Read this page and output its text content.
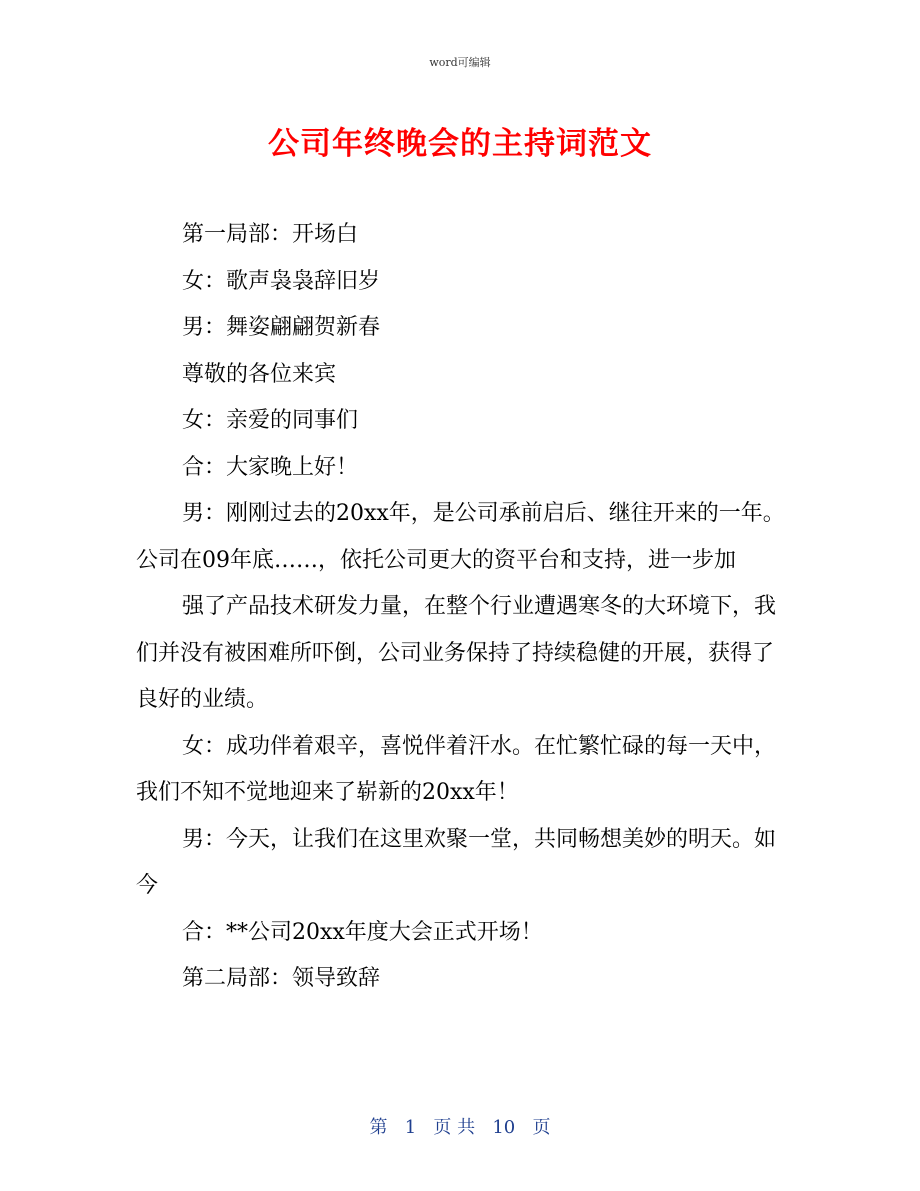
word可编辑
公司年终晚会的主持词范文

第一局部：开场白

女：歌声袅袅辞旧岁

男：舞姿翩翩贺新春

尊敬的各位来宾

女：亲爱的同事们

合：大家晚上好！

男：刚刚过去的20xx年，是公司承前启后、继往开来的一年。公司在09年底……，依托公司更大的资平台和支持，进一步加

强了产品技术研发力量，在整个行业遭遇寒冬的大环境下，我们并没有被困难所吓倒，公司业务保持了持续稳健的开展，获得了良好的业绩。

女：成功伴着艰辛，喜悦伴着汗水。在忙繁忙碌的每一天中，我们不知不觉地迎来了崭新的20xx年！

男：今天，让我们在这里欢聚一堂，共同畅想美妙的明天。如今

合：**公司20xx年度大会正式开场！

第二局部：领导致辞

第 1 页 共 10 页
